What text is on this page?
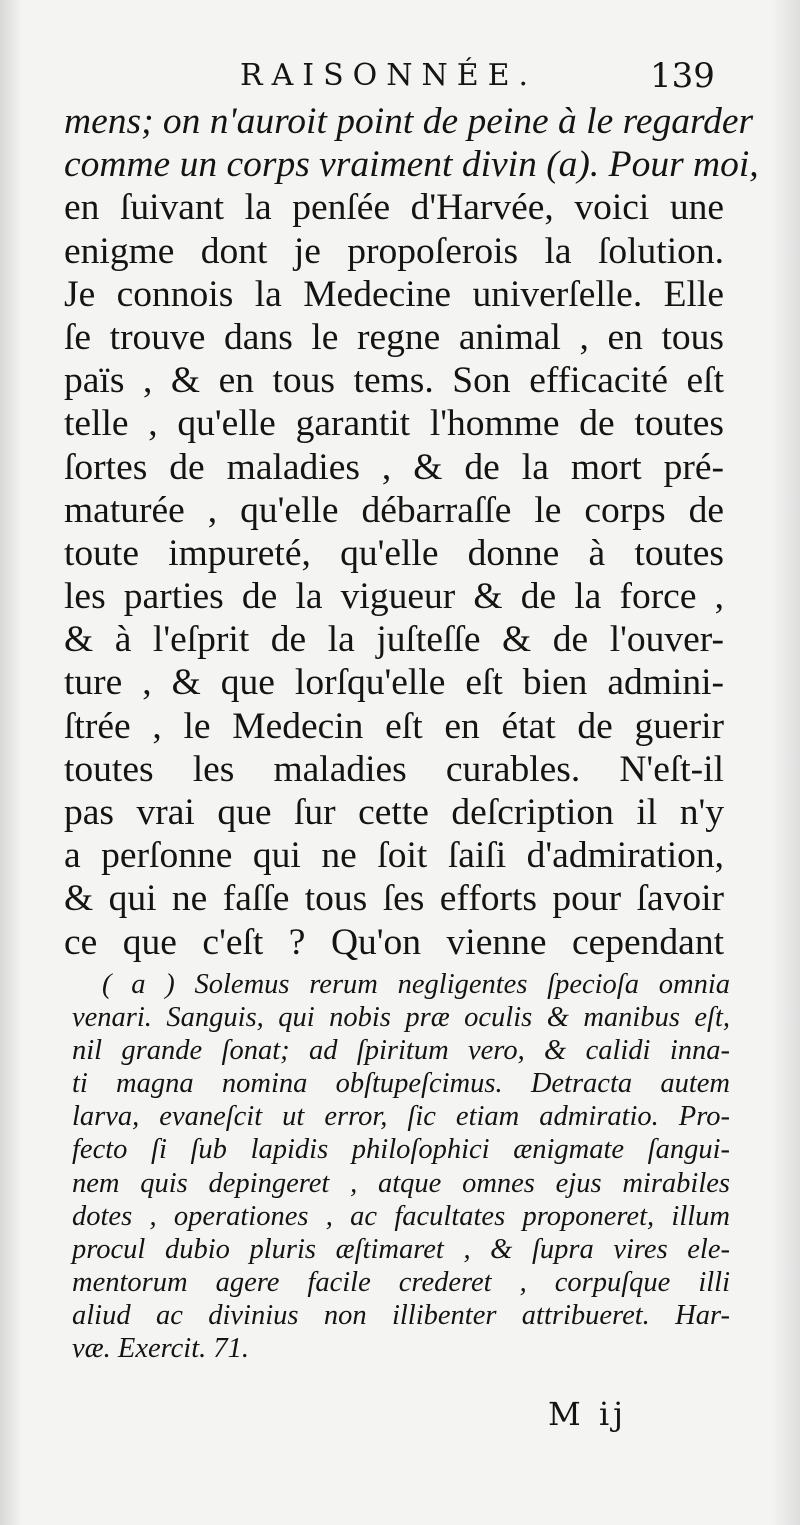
RAISONNÉE.	139
mens; on n'auroit point de peine à le regarder
comme un corps vraiment divin (a). Pour moi,
en ſuivant la penſée d'Harvée, voici une
enigme dont je propoſerois la ſolution.
Je connois la Medecine univerſelle. Elle
ſe trouve dans le regne animal , en tous
païs , & en tous tems. Son efficacité eſt
telle , qu'elle garantit l'homme de toutes
ſortes de maladies , & de la mort pré-
maturée , qu'elle débarraſſe le corps de
toute impureté, qu'elle donne à toutes
les parties de la vigueur & de la force ,
& à l'eſprit de la juſteſſe & de l'ouver-
ture , & que lorſqu'elle eſt bien admini-
ſtrée , le Medecin eſt en état de guerir
toutes les maladies curables. N'eſt-il
pas vrai que ſur cette deſcription il n'y
a perſonne qui ne ſoit ſaiſi d'admiration,
& qui ne faſſe tous ſes efforts pour ſavoir
ce que c'eſt ? Qu'on vienne cependant
( a ) Solemus rerum negligentes ſpecioſa omnia
venari. Sanguis, qui nobis præ oculis & manibus eſt,
nil grande ſonat; ad ſpiritum vero, & calidi inna-
ti magna nomina obſtupeſcimus. Detracta autem
larva, evaneſcit ut error, ſic etiam admiratio. Pro-
fecto ſi ſub lapidis philoſophici ænigmate ſangui-
nem quis depingeret , atque omnes ejus mirabiles
dotes , operationes , ac facultates proponeret, illum
procul dubio pluris æſtimaret , & ſupra vires ele-
mentorum agere facile crederet , corpuſque illi
aliud ac divinius non illibenter attribueret. Har-
væ. Exercit. 71.
M ij
